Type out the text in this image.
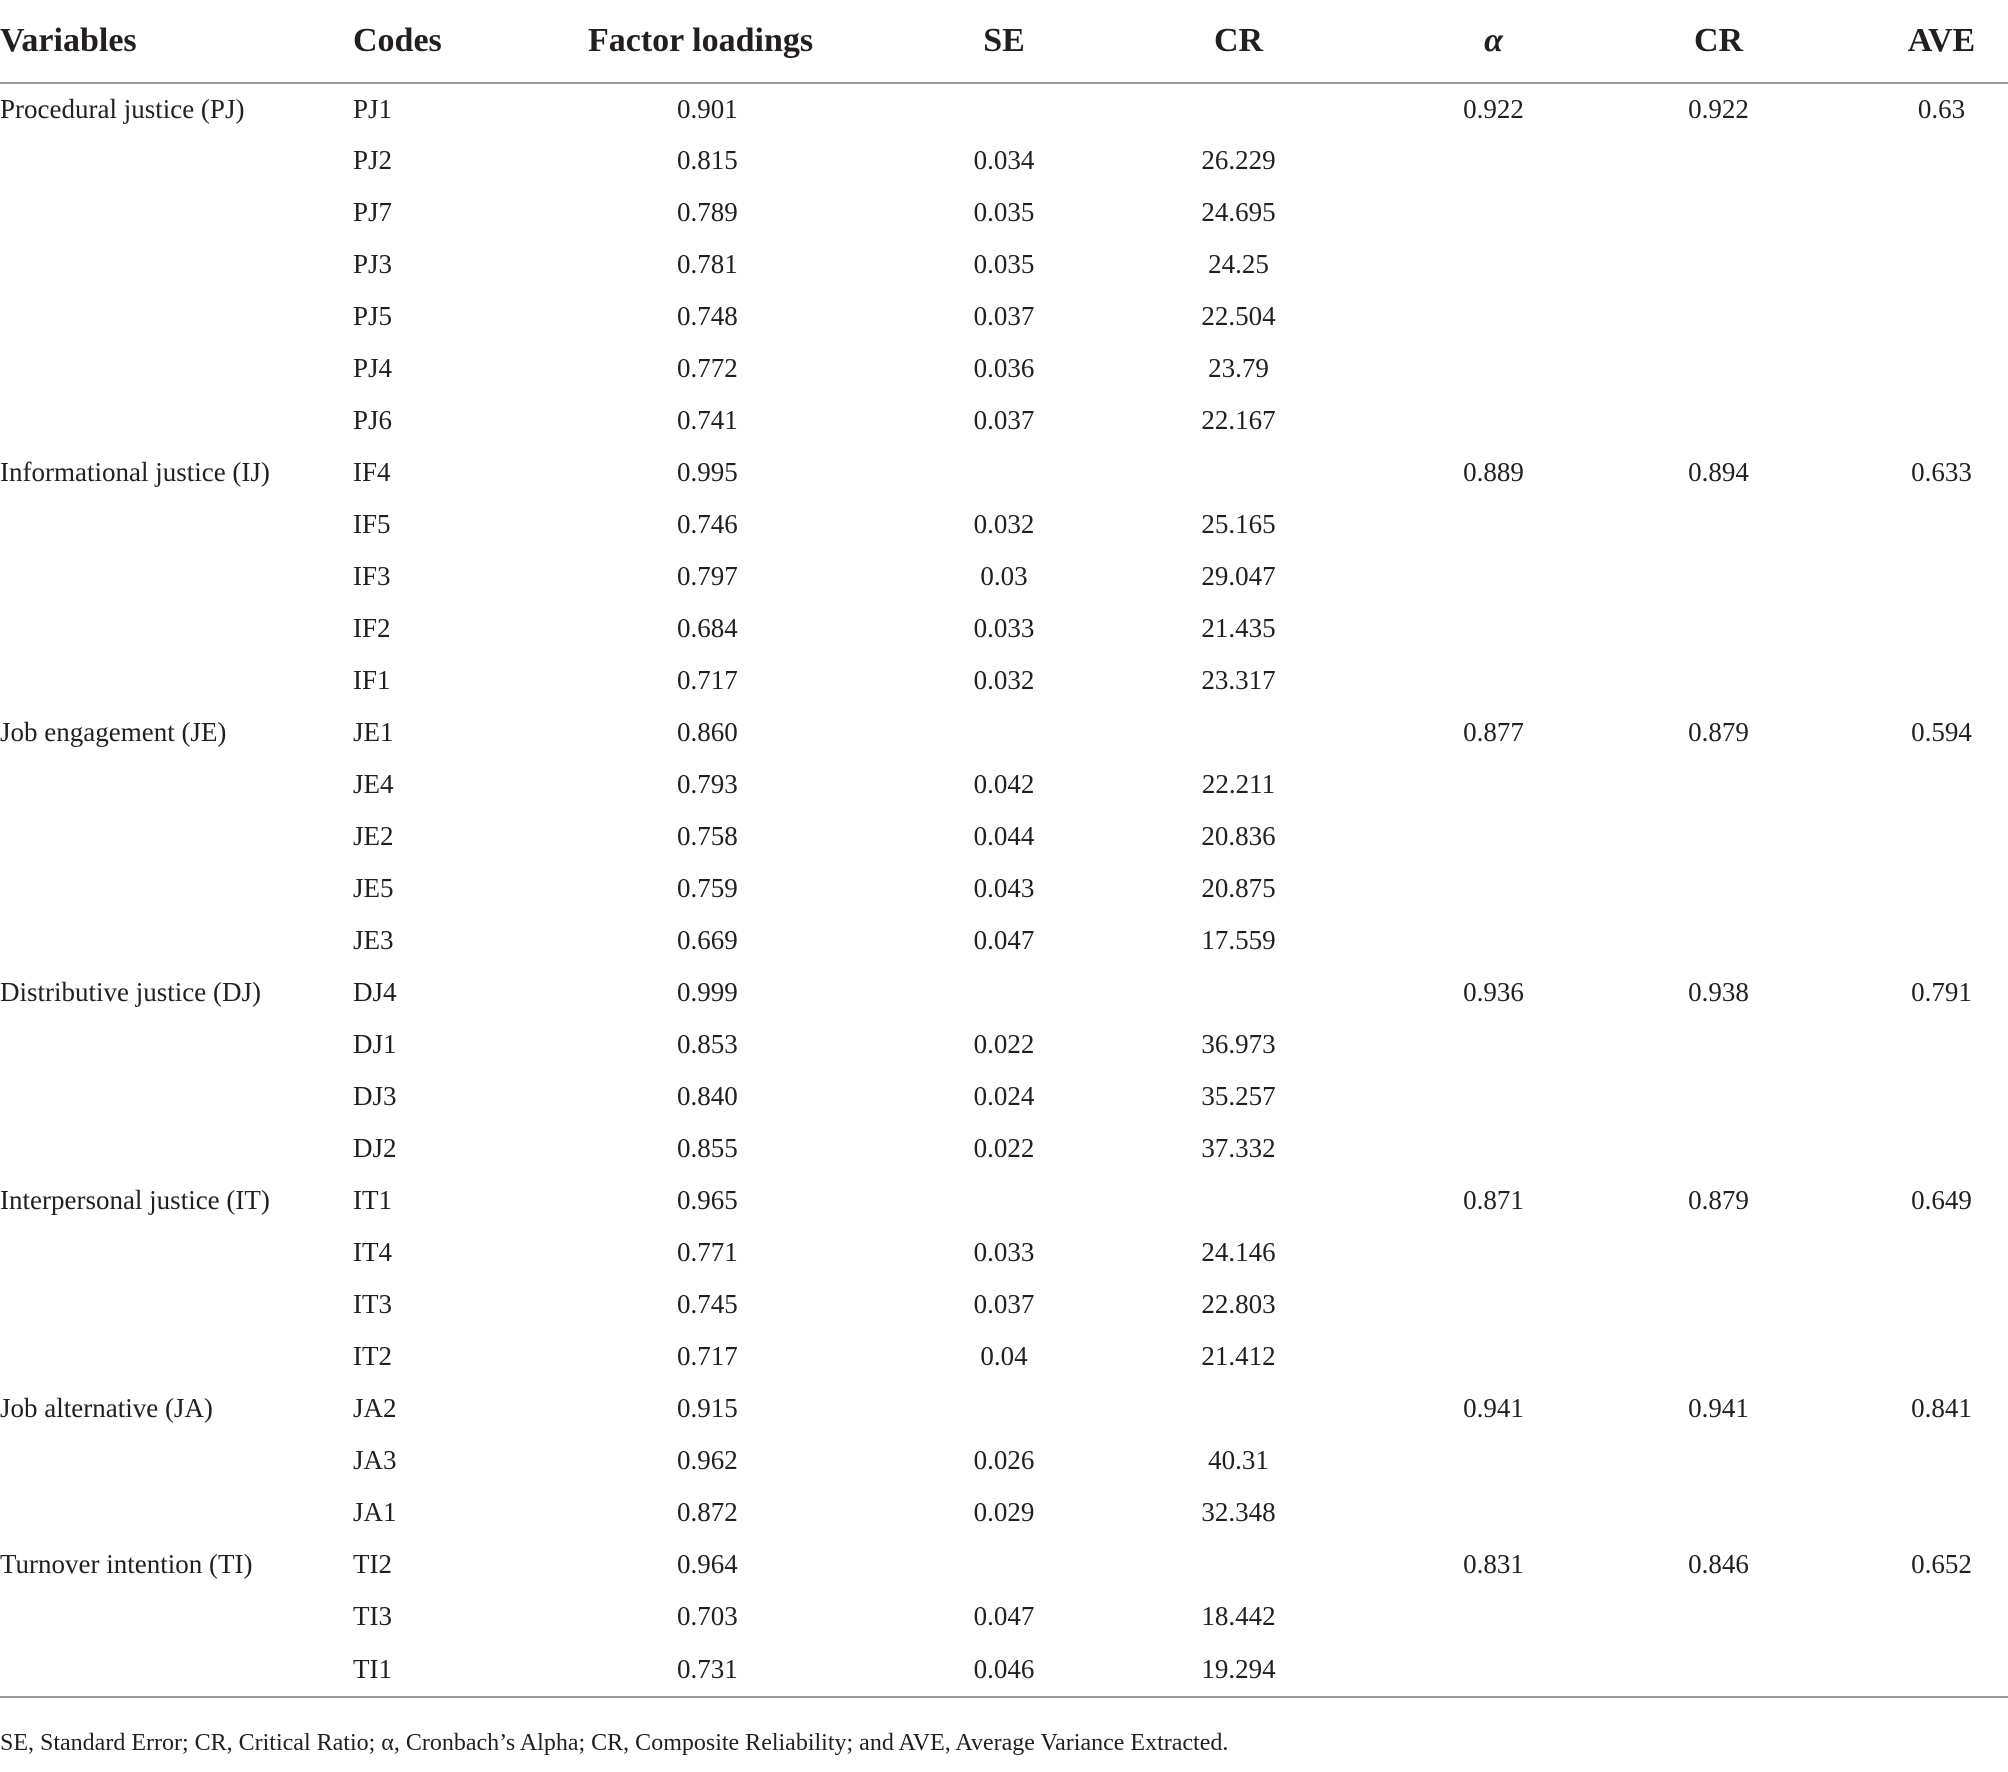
Variables	Codes	Factor loadings	SE	CR	α	CR	AVE
Procedural justice (PJ)	PJ1	0.901			0.922	0.922	0.63
	PJ2	0.815	0.034	26.229			
	PJ7	0.789	0.035	24.695			
	PJ3	0.781	0.035	24.25			
	PJ5	0.748	0.037	22.504			
	PJ4	0.772	0.036	23.79			
	PJ6	0.741	0.037	22.167			
Informational justice (IJ)	IF4	0.995			0.889	0.894	0.633
	IF5	0.746	0.032	25.165			
	IF3	0.797	0.03	29.047			
	IF2	0.684	0.033	21.435			
	IF1	0.717	0.032	23.317			
Job engagement (JE)	JE1	0.860			0.877	0.879	0.594
	JE4	0.793	0.042	22.211			
	JE2	0.758	0.044	20.836			
	JE5	0.759	0.043	20.875			
	JE3	0.669	0.047	17.559			
Distributive justice (DJ)	DJ4	0.999			0.936	0.938	0.791
	DJ1	0.853	0.022	36.973			
	DJ3	0.840	0.024	35.257			
	DJ2	0.855	0.022	37.332			
Interpersonal justice (IT)	IT1	0.965			0.871	0.879	0.649
	IT4	0.771	0.033	24.146			
	IT3	0.745	0.037	22.803			
	IT2	0.717	0.04	21.412			
Job alternative (JA)	JA2	0.915			0.941	0.941	0.841
	JA3	0.962	0.026	40.31			
	JA1	0.872	0.029	32.348			
Turnover intention (TI)	TI2	0.964			0.831	0.846	0.652
	TI3	0.703	0.047	18.442			
	TI1	0.731	0.046	19.294			
SE, Standard Error; CR, Critical Ratio; α, Cronbach’s Alpha; CR, Composite Reliability; and AVE, Average Variance Extracted.
